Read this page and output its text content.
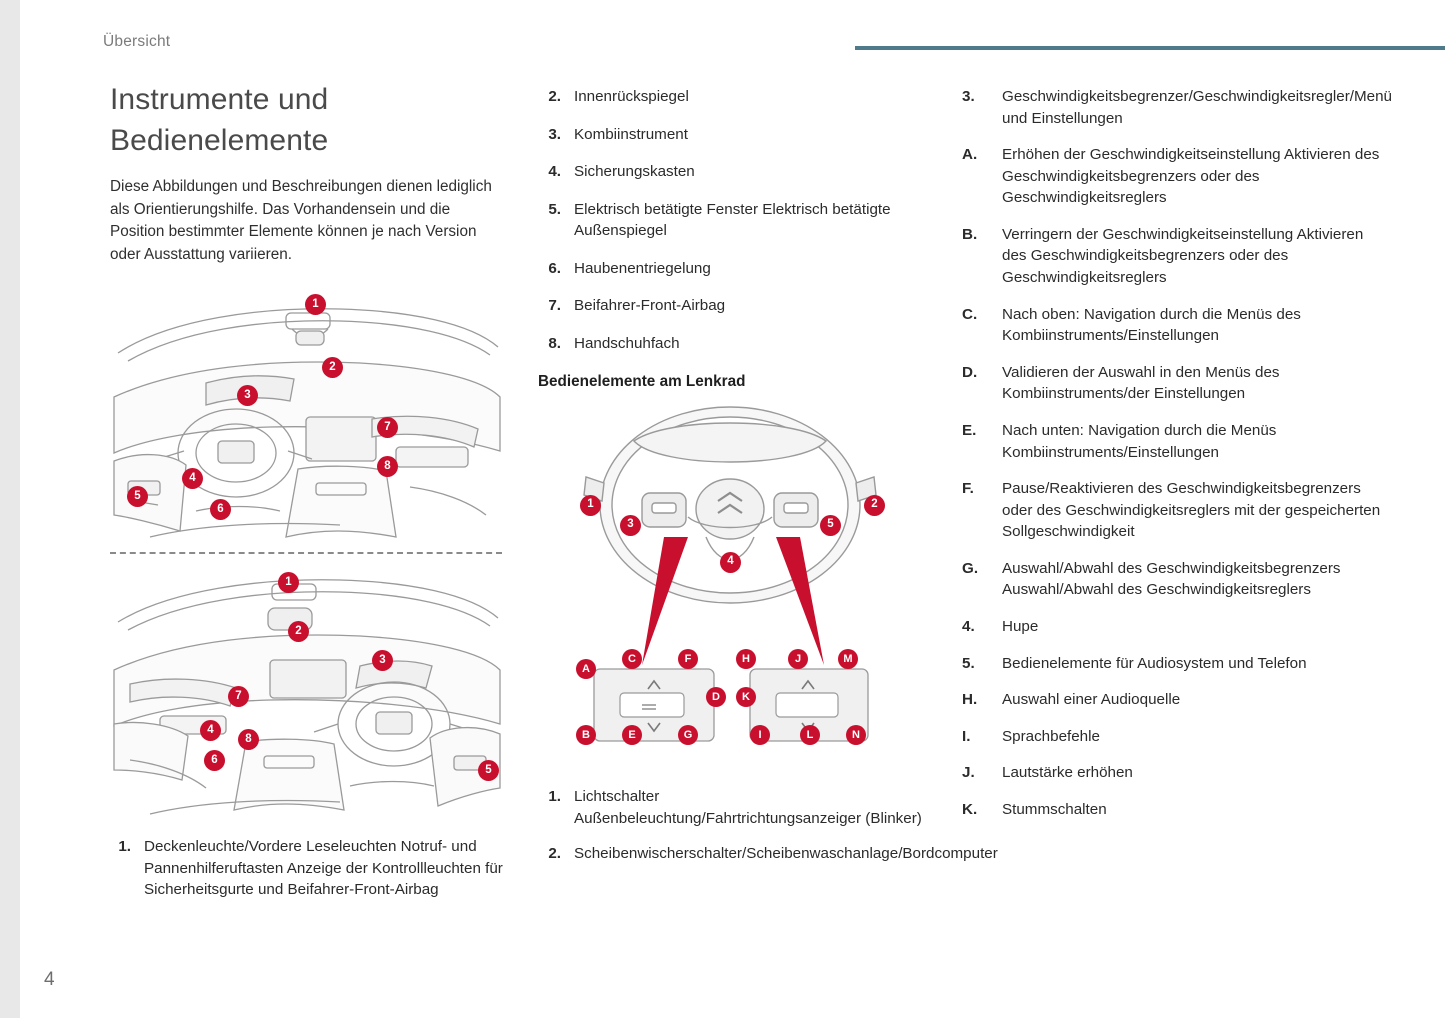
Übersicht
4
Instrumente und Bedienelemente
Diese Abbildungen und Beschreibungen dienen lediglich als Orientierungshilfe. Das Vorhandensein und die Position bestimmter Elemente können je nach Version oder Ausstattung variieren.
1
2
3
7
8
4
5
6
1
2
3
7
4
8
6
5
1. Deckenleuchte/Vordere Leseleuchten Notruf- und Pannenhilferuftasten Anzeige der Kontrollleuchten für Sicherheitsgurte und Beifahrer-Front-Airbag
2. Innenrückspiegel
3. Kombiinstrument
4. Sicherungskasten
5. Elektrisch betätigte Fenster Elektrisch betätigte Außenspiegel
6. Haubenentriegelung
7. Beifahrer-Front-Airbag
8. Handschuhfach
Bedienelemente am Lenkrad
1	2
3
4
5
A
C	F
B	E	G
D
H	J	M
K
I	L	N
1. Lichtschalter Außenbeleuchtung/Fahrtrichtungsanzeiger (Blinker)
2. Scheibenwischerschalter/Scheibenwaschanlage/Bordcomputer
3.	Geschwindigkeitsbegrenzer/Geschwindigkeitsregler/Menü und Einstellungen
A.	Erhöhen der Geschwindigkeitseinstellung Aktivieren des Geschwindigkeitsbegrenzers oder des Geschwindigkeitsreglers
B.	Verringern der Geschwindigkeitseinstellung Aktivieren des Geschwindigkeitsbegrenzers oder des Geschwindigkeitsreglers
C.	Nach oben: Navigation durch die Menüs des Kombiinstruments/Einstellungen
D.	Validieren der Auswahl in den Menüs des Kombiinstruments/der Einstellungen
E.	Nach unten: Navigation durch die Menüs Kombiinstruments/Einstellungen
F.	Pause/Reaktivieren des Geschwindigkeitsbegrenzers oder des Geschwindigkeitsreglers mit der gespeicherten Sollgeschwindigkeit
G.	Auswahl/Abwahl des Geschwindigkeitsbegrenzers Auswahl/Abwahl des Geschwindigkeitsreglers
4.	Hupe
5.	Bedienelemente für Audiosystem und Telefon
H.	Auswahl einer Audioquelle
I.	Sprachbefehle
J.	Lautstärke erhöhen
K.	Stummschalten
